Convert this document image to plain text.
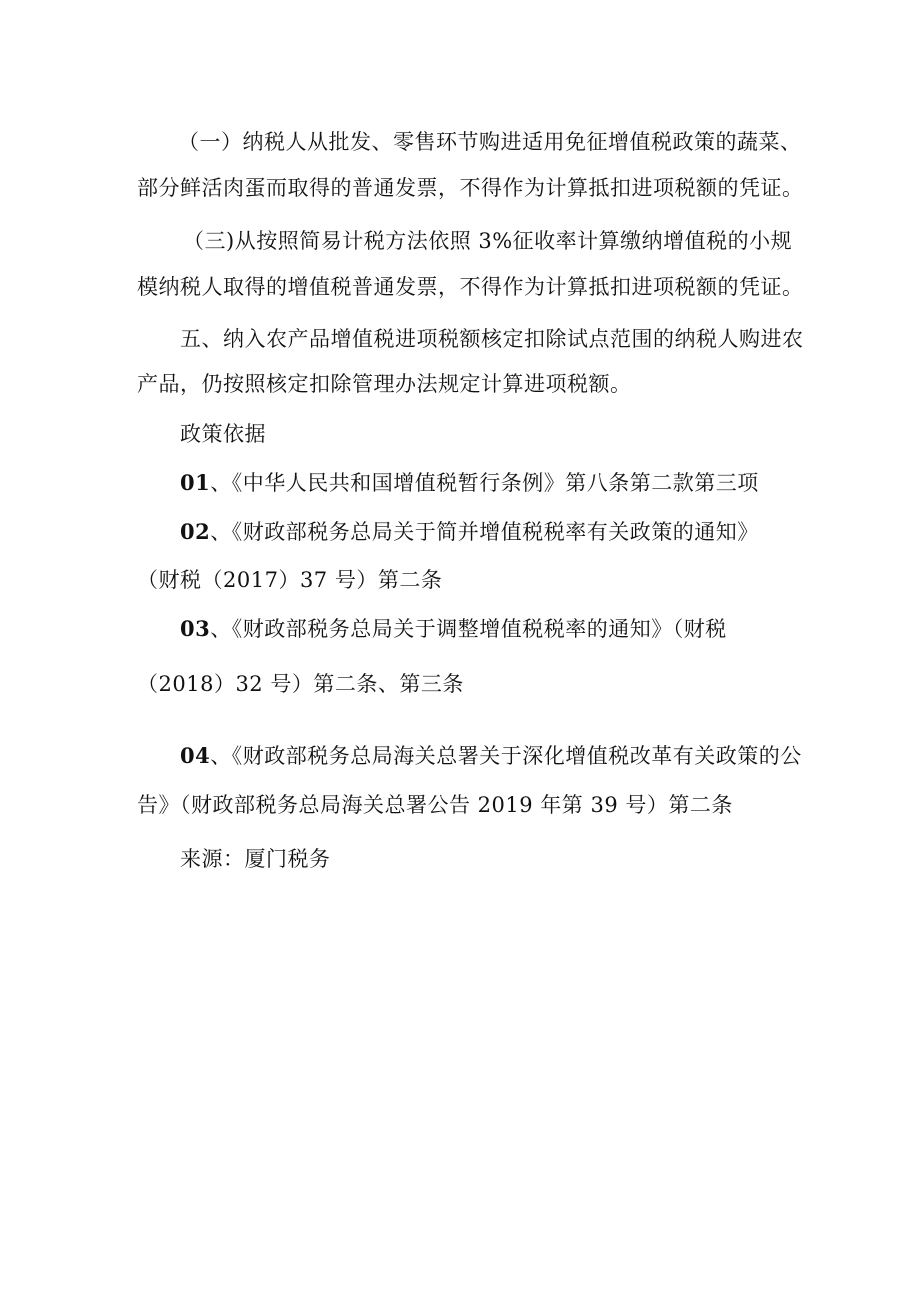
（一）纳税人从批发、零售环节购进适用免征增值税政策的蔬菜、
部分鲜活肉蛋而取得的普通发票，不得作为计算抵扣进项税额的凭证。
（三)从按照简易计税方法依照 3%征收率计算缴纳增值税的小规
模纳税人取得的增值税普通发票，不得作为计算抵扣进项税额的凭证。
五、纳入农产品增值税进项税额核定扣除试点范围的纳税人购进农
产品，仍按照核定扣除管理办法规定计算进项税额。
政策依据
01、《中华人民共和国增值税暂行条例》第八条第二款第三项
02、《财政部税务总局关于简并增值税税率有关政策的通知》
（财税（2017）37 号）第二条
03、《财政部税务总局关于调整增值税税率的通知》（财税
（2018）32 号）第二条、第三条
04、《财政部税务总局海关总署关于深化增值税改革有关政策的公
告》（财政部税务总局海关总署公告 2019 年第 39 号）第二条
来源：厦门税务
